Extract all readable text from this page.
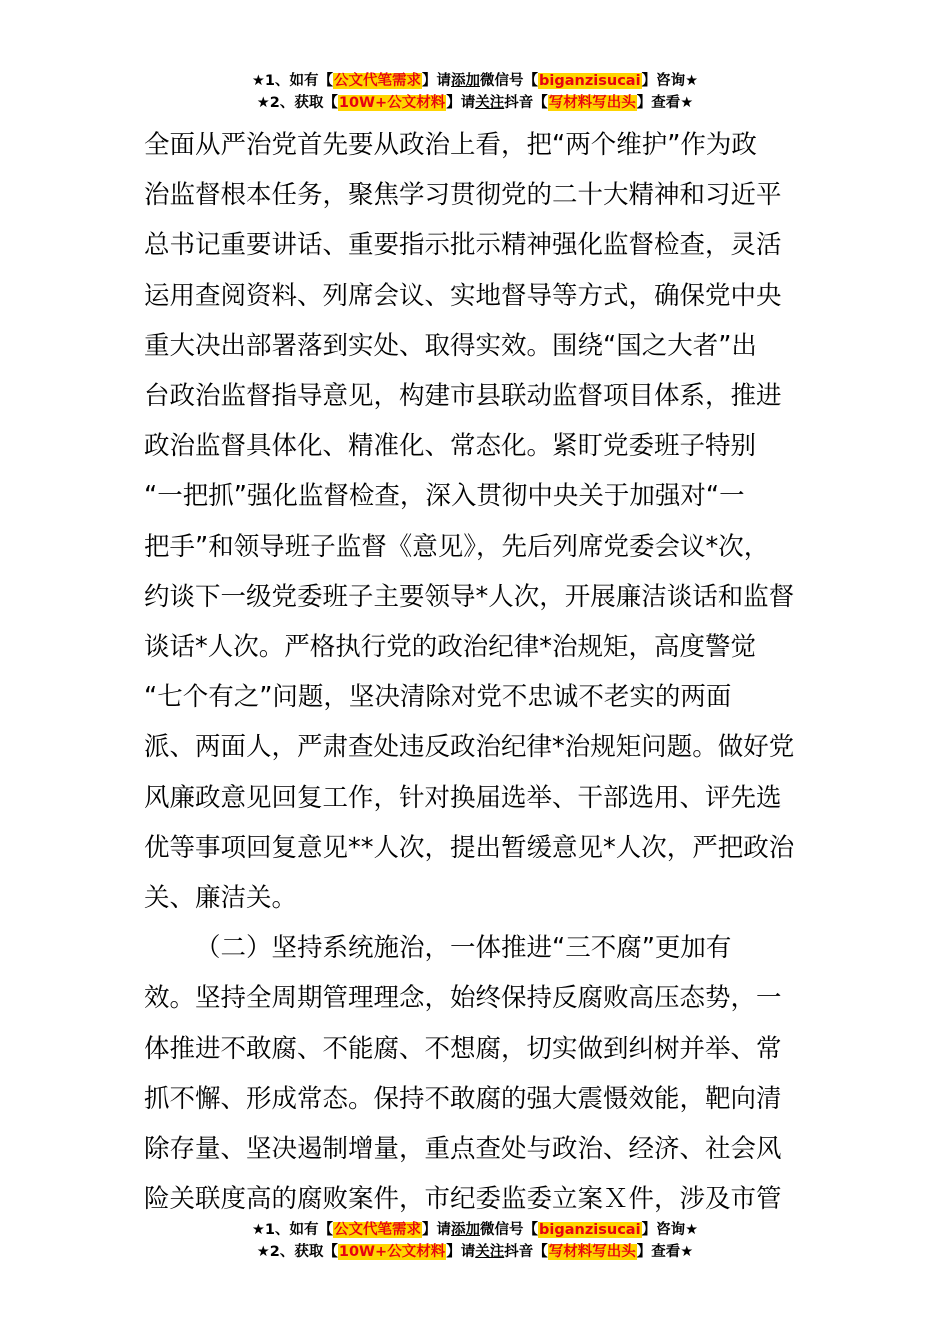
★1、如有【公文代笔需求】请添加微信号【biganzisucai】咨询★
★2、获取【10W+公文材料】请关注抖音【写材料写出头】查看★

全面从严治党首先要从政治上看，把“两个维护”作为政
治监督根本任务，聚焦学习贯彻党的二十大精神和习近平
总书记重要讲话、重要指示批示精神强化监督检查，灵活
运用查阅资料、列席会议、实地督导等方式，确保党中央
重大决出部署落到实处、取得实效。围绕“国之大者”出
台政治监督指导意见，构建市县联动监督项目体系，推进
政治监督具体化、精准化、常态化。紧盯党委班子特别
“一把抓”强化监督检查，深入贯彻中央关于加强对“一
把手”和领导班子监督《意见》，先后列席党委会议*次，
约谈下一级党委班子主要领导*人次，开展廉洁谈话和监督
谈话*人次。严格执行党的政治纪律*治规矩，高度警觉
“七个有之”问题，坚决清除对党不忠诚不老实的两面
派、两面人，严肃查处违反政治纪律*治规矩问题。做好党
风廉政意见回复工作，针对换届选举、干部选用、评先选
优等事项回复意见**人次，提出暂缓意见*人次，严把政治
关、廉洁关。

（二）坚持系统施治，一体推进“三不腐”更加有
效。坚持全周期管理理念，始终保持反腐败高压态势，一
体推进不敢腐、不能腐、不想腐，切实做到纠树并举、常
抓不懈、形成常态。保持不敢腐的强大震慑效能，靶向清
除存量、坚决遏制增量，重点查处与政治、经济、社会风
险关联度高的腐败案件，市纪委监委立案Ｘ件，涉及市管

★1、如有【公文代笔需求】请添加微信号【biganzisucai】咨询★
★2、获取【10W+公文材料】请关注抖音【写材料写出头】查看★
